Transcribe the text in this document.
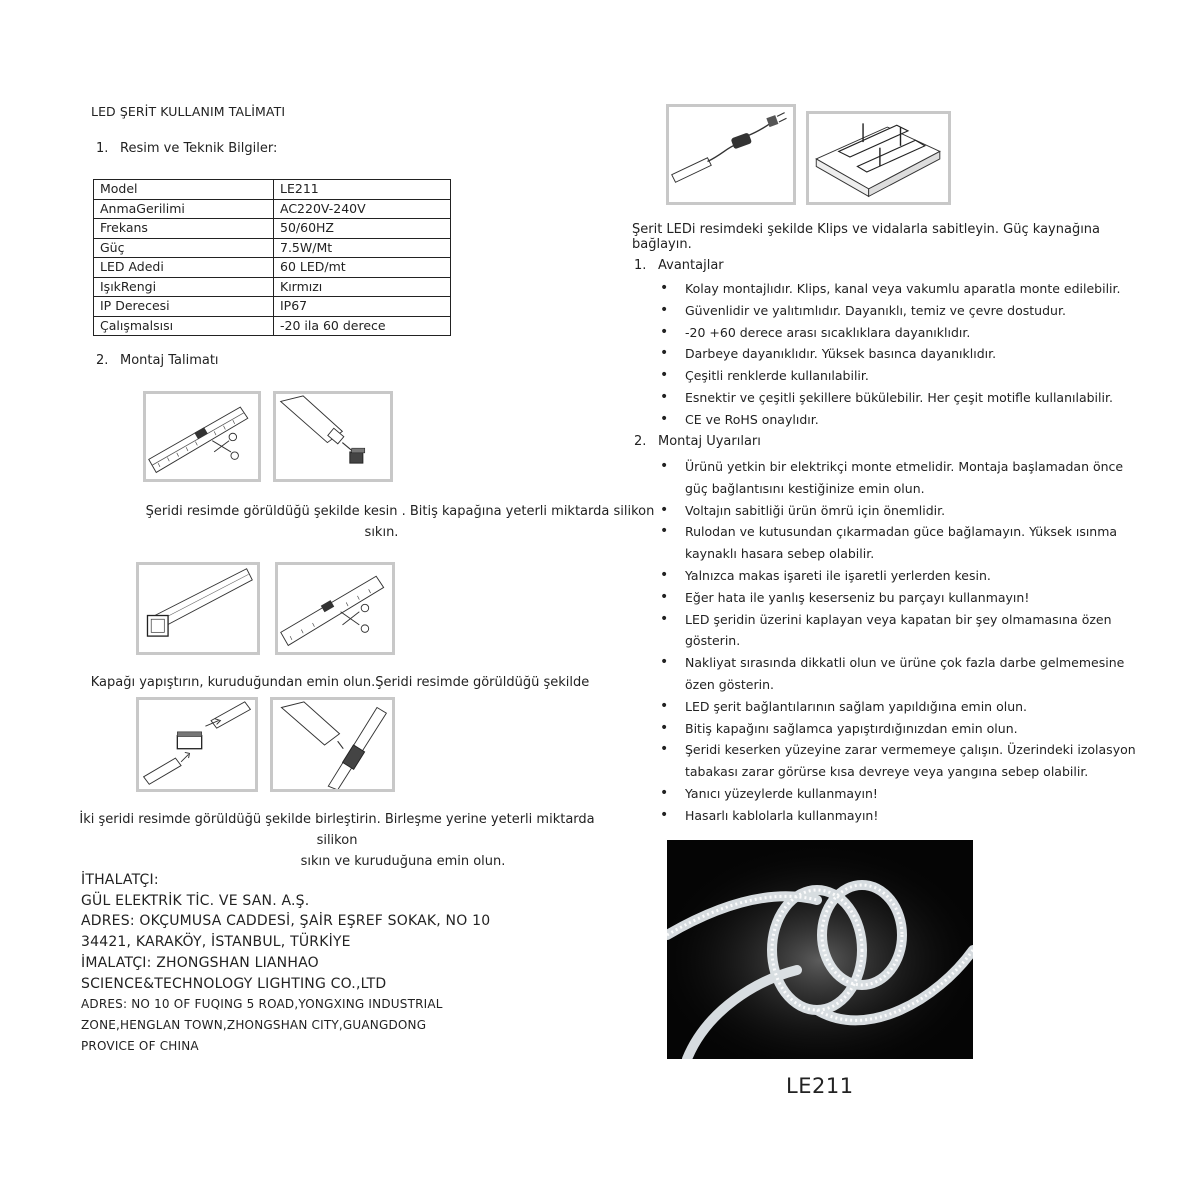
LED ŞERİT KULLANIM TALİMATI
1. Resim ve Teknik Bilgiler:
Model	LE211
AnmaGerilimi	AC220V-240V
Frekans	50/60HZ
Güç	7.5W/Mt
LED Adedi	60 LED/mt
IşıkRengi	Kırmızı
IP Derecesi	IP67
Çalışmalsısı	-20 ila 60 derece
2. Montaj Talimatı
Şeridi resimde görüldüğü şekilde kesin . Bitiş kapağına yeterli miktarda silikon
sıkın.
Kapağı yapıştırın, kuruduğundan emin olun.Şeridi resimde görüldüğü şekilde
İki şeridi resimde görüldüğü şekilde birleştirin. Birleşme yerine yeterli miktarda silikon
sıkın ve kuruduğuna emin olun.
İTHALATÇI:
GÜL ELEKTRİK TİC. VE SAN. A.Ş.
ADRES: OKÇUMUSA CADDESİ, ŞAİR EŞREF SOKAK, NO 10
34421, KARAKÖY, İSTANBUL, TÜRKİYE
İMALATÇI: ZHONGSHAN LIANHAO
SCIENCE&TECHNOLOGY LIGHTING CO.,LTD
ADRES: NO 10 OF FUQING 5 ROAD,YONGXING INDUSTRIAL
ZONE,HENGLAN TOWN,ZHONGSHAN CITY,GUANGDONG
PROVICE OF CHINA
Şerit LEDi resimdeki şekilde Klips ve vidalarla sabitleyin. Güç kaynağına bağlayın.
1. Avantajlar
• Kolay montajlıdır. Klips, kanal veya vakumlu aparatla monte edilebilir.
• Güvenlidir ve yalıtımlıdır. Dayanıklı, temiz ve çevre dostudur.
• -20 +60 derece arası sıcaklıklara dayanıklıdır.
• Darbeye dayanıklıdır. Yüksek basınca dayanıklıdır.
• Çeşitli renklerde kullanılabilir.
• Esnektir ve çeşitli şekillere bükülebilir. Her çeşit motifle kullanılabilir.
• CE ve RoHS onaylıdır.
2. Montaj Uyarıları
• Ürünü yetkin bir elektrikçi monte etmelidir. Montaja başlamadan önce güç bağlantısını kestiğinize emin olun.
• Voltajın sabitliği ürün ömrü için önemlidir.
• Rulodan ve kutusundan çıkarmadan güce bağlamayın. Yüksek ısınma kaynaklı hasara sebep olabilir.
• Yalnızca makas işareti ile işaretli yerlerden kesin.
• Eğer hata ile yanlış keserseniz bu parçayı kullanmayın!
• LED şeridin üzerini kaplayan veya kapatan bir şey olmamasına özen gösterin.
• Nakliyat sırasında dikkatli olun ve ürüne çok fazla darbe gelmemesine özen gösterin.
• LED şerit bağlantılarının sağlam yapıldığına emin olun.
• Bitiş kapağını sağlamca yapıştırdığınızdan emin olun.
• Şeridi keserken yüzeyine zarar vermemeye çalışın. Üzerindeki izolasyon tabakası zarar görürse kısa devreye veya yangına sebep olabilir.
• Yanıcı yüzeylerde kullanmayın!
• Hasarlı kablolarla kullanmayın!
LE211
